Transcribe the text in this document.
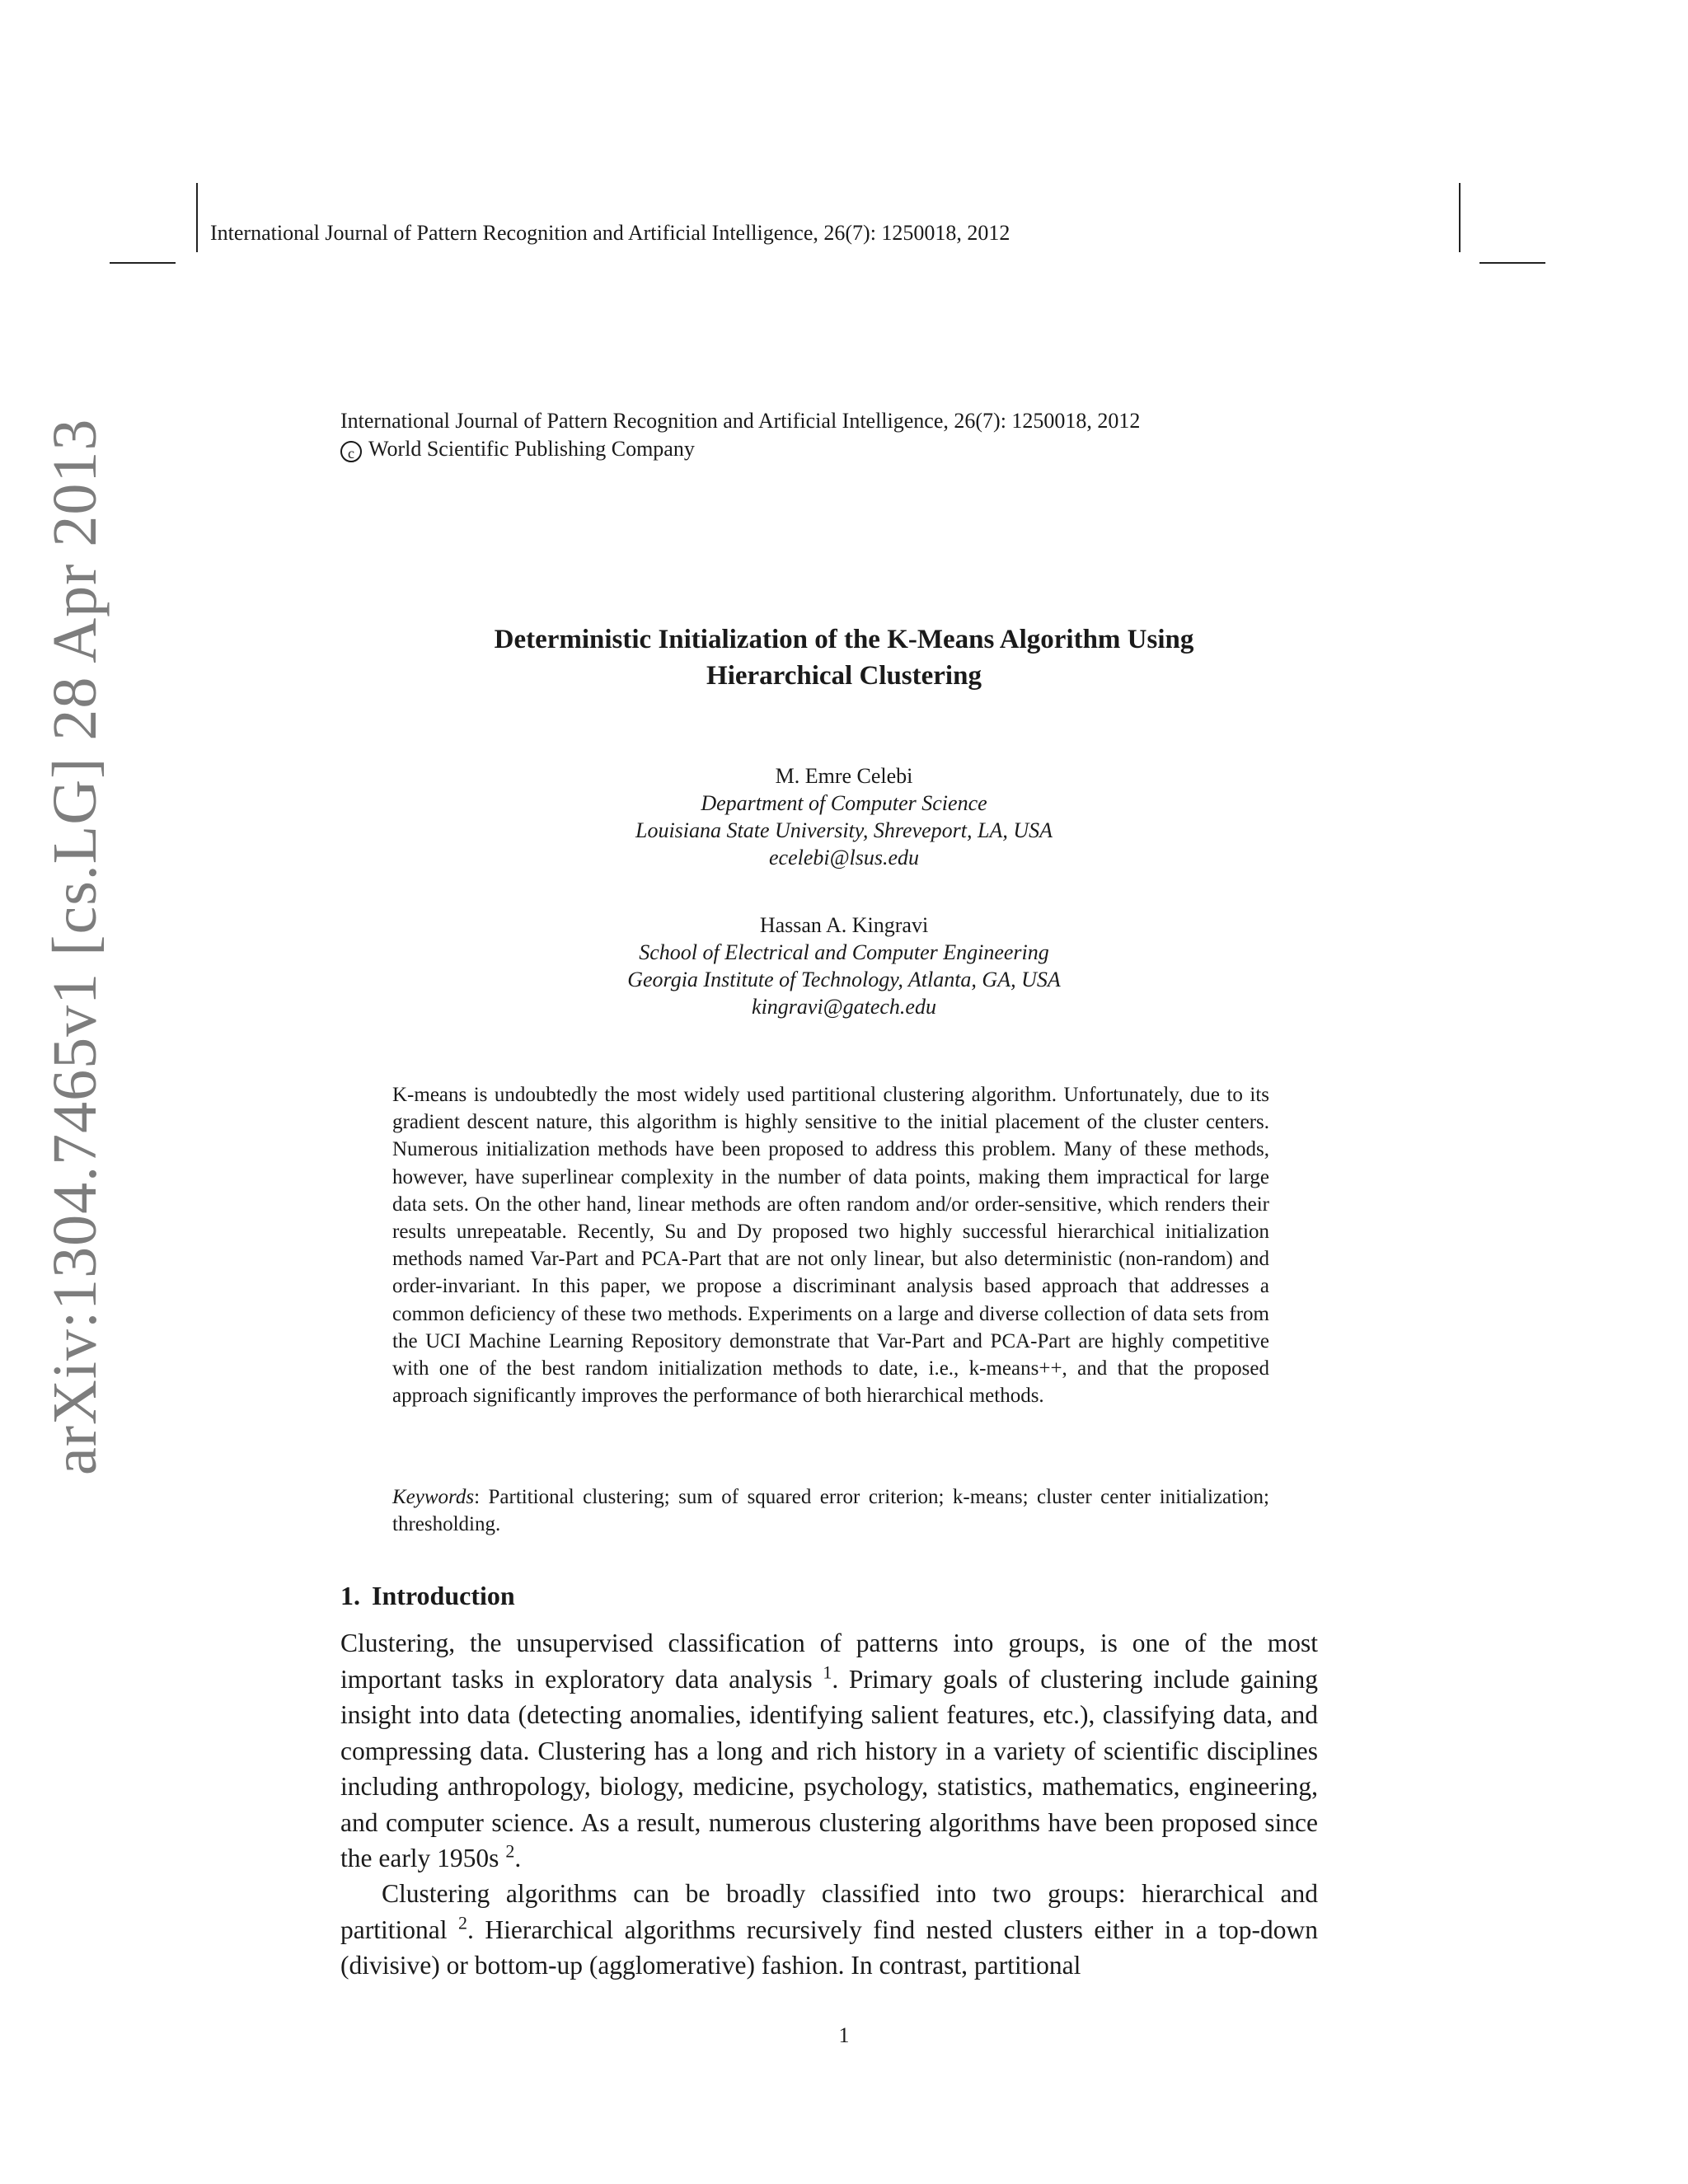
International Journal of Pattern Recognition and Artificial Intelligence, 26(7): 1250018, 2012
arXiv:1304.7465v1 [cs.LG] 28 Apr 2013	International Journal of Pattern Recognition and Artificial Intelligence, 26(7): 1250018, 2012
c World Scientific Publishing Company
Deterministic Initialization of the K-Means Algorithm Using
Hierarchical Clustering
M. Emre Celebi
Department of Computer Science
Louisiana State University, Shreveport, LA, USA
ecelebi@lsus.edu
Hassan A. Kingravi
School of Electrical and Computer Engineering
Georgia Institute of Technology, Atlanta, GA, USA
kingravi@gatech.edu

K-means is undoubtedly the most widely used partitional clustering algorithm. Unfortunately, due to its gradient descent nature, this algorithm is highly sensitive to the initial placement of the cluster centers. Numerous initialization methods have been proposed to address this problem. Many of these methods, however, have superlinear complexity in the number of data points, making them impractical for large data sets. On the other hand, linear methods are often random and/or order-sensitive, which renders their results unrepeatable. Recently, Su and Dy proposed two highly successful hierarchical initialization methods named Var-Part and PCA-Part that are not only linear, but also deterministic (non-random) and order-invariant. In this paper, we propose a discriminant analysis based approach that addresses a common deficiency of these two methods. Experiments on a large and diverse collection of data sets from the UCI Machine Learning Repository demonstrate that Var-Part and PCA-Part are highly competitive with one of the best random initialization methods to date, i.e., k-means++, and that the proposed approach significantly improves the performance of both hierarchical methods.

Keywords: Partitional clustering; sum of squared error criterion; k-means; cluster center initialization; thresholding.

1. Introduction

Clustering, the unsupervised classification of patterns into groups, is one of the most important tasks in exploratory data analysis $^1$. Primary goals of clustering include gaining insight into data (detecting anomalies, identifying salient features, etc.), classifying data, and compressing data. Clustering has a long and rich history in a variety of scientific disciplines including anthropology, biology, medicine, psychology, statistics, mathematics, engineering, and computer science. As a result, numerous clustering algorithms have been proposed since the early 1950s $^2$.

Clustering algorithms can be broadly classified into two groups: hierarchical and partitional $^2$. Hierarchical algorithms recursively find nested clusters either in a top-down (divisive) or bottom-up (agglomerative) fashion. In contrast, partitional

1
